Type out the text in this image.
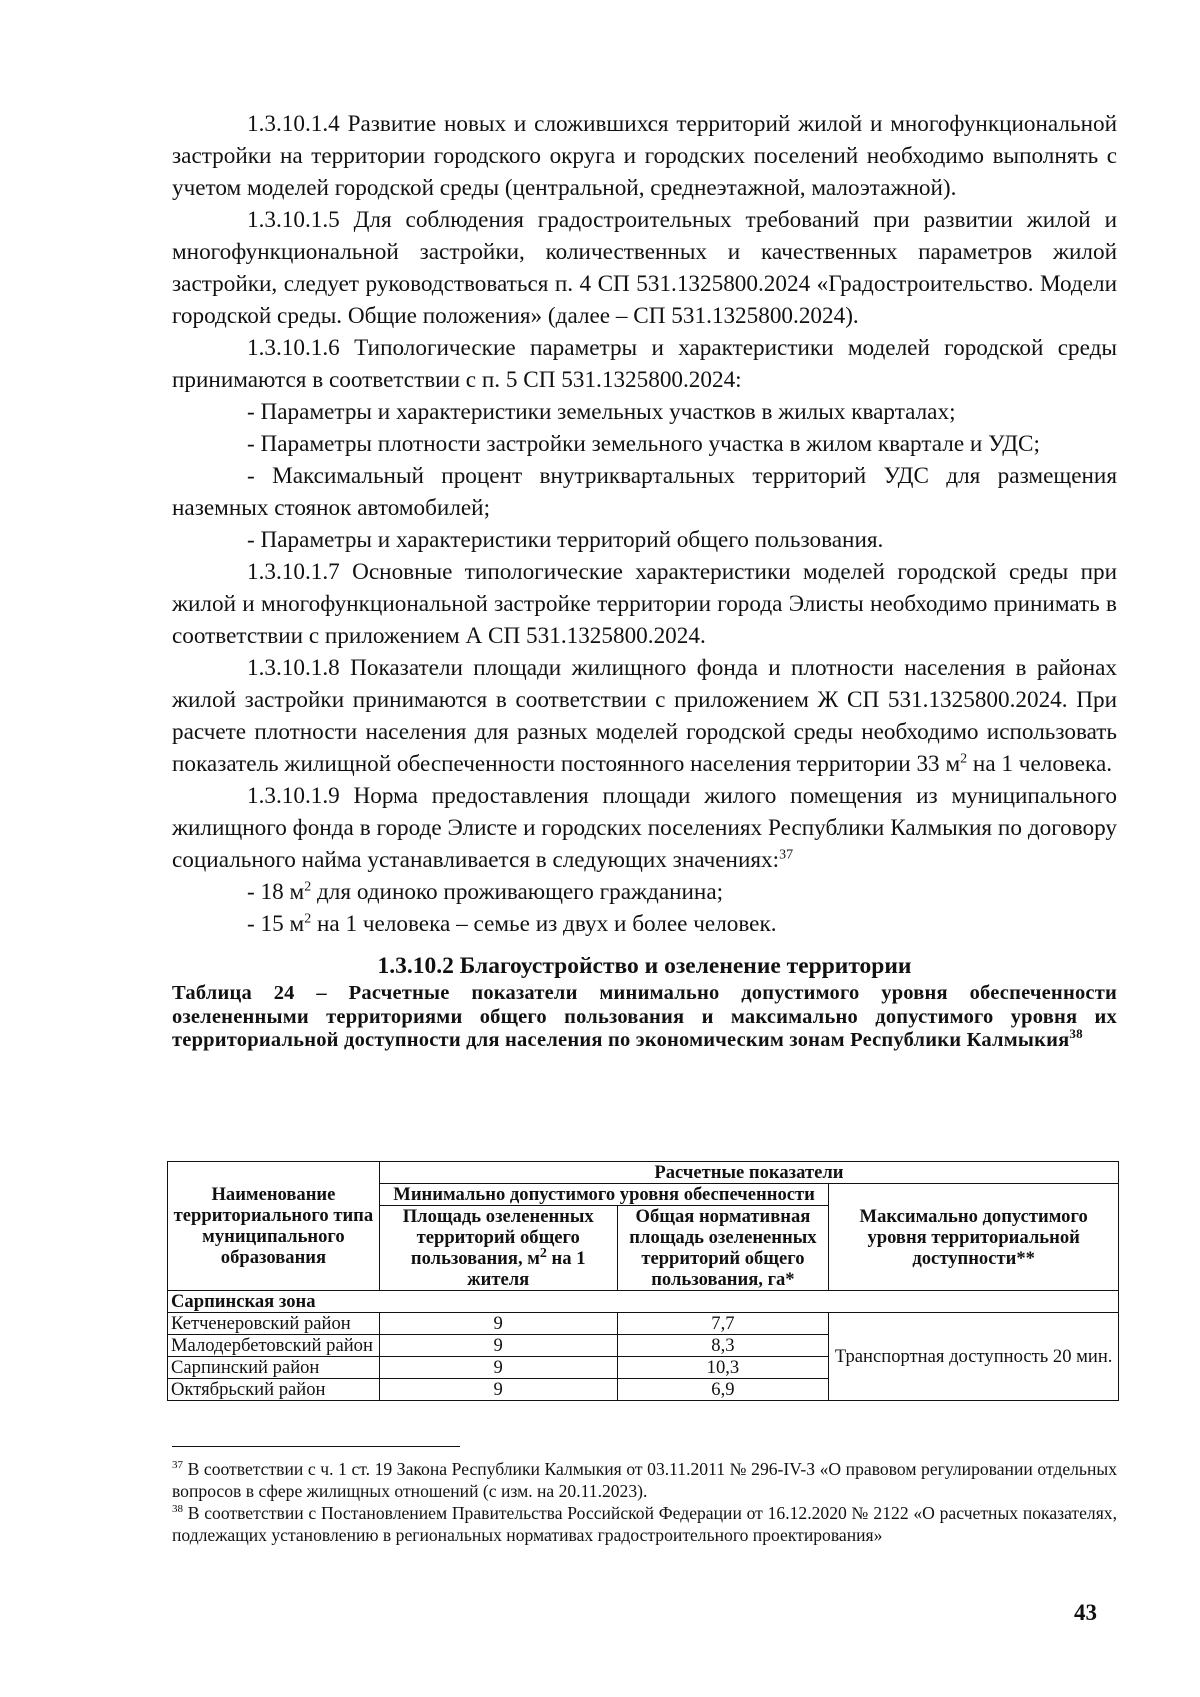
1.3.10.1.4 Развитие новых и сложившихся территорий жилой и многофункциональной застройки на территории городского округа и городских поселений необходимо выполнять с учетом моделей городской среды (центральной, среднеэтажной, малоэтажной).

1.3.10.1.5 Для соблюдения градостроительных требований при развитии жилой и многофункциональной застройки, количественных и качественных параметров жилой застройки, следует руководствоваться п. 4 СП 531.1325800.2024 «Градостроительство. Модели городской среды. Общие положения» (далее – СП 531.1325800.2024).

1.3.10.1.6 Типологические параметры и характеристики моделей городской среды принимаются в соответствии с п. 5 СП 531.1325800.2024:

- Параметры и характеристики земельных участков в жилых кварталах;

- Параметры плотности застройки земельного участка в жилом квартале и УДС;

- Максимальный процент внутриквартальных территорий УДС для размещения наземных стоянок автомобилей;

- Параметры и характеристики территорий общего пользования.

1.3.10.1.7 Основные типологические характеристики моделей городской среды при жилой и многофункциональной застройке территории города Элисты необходимо принимать в соответствии с приложением А СП 531.1325800.2024.

1.3.10.1.8 Показатели площади жилищного фонда и плотности населения в районах жилой застройки принимаются в соответствии с приложением Ж СП 531.1325800.2024. При расчете плотности населения для разных моделей городской среды необходимо использовать показатель жилищной обеспеченности постоянного населения территории 33 $м^2$ на 1 человека.

1.3.10.1.9 Норма предоставления площади жилого помещения из муниципального жилищного фонда в городе Элисте и городских поселениях Республики Калмыкия по договору социального найма устанавливается в следующих значениях:$^{37}$

- 18 $м^2$ для одиноко проживающего гражданина;

- 15 $м^2$ на 1 человека – семье из двух и более человек.

1.3.10.2 Благоустройство и озеленение территории

Таблица 24 – Расчетные показатели минимально допустимого уровня обеспеченности озелененными территориями общего пользования и максимально допустимого уровня их территориальной доступности для населения по экономическим зонам Республики Калмыкия$^{38}$

Наименование территориального типа муниципального образования	Расчетные показатели		
	Минимально допустимого уровня обеспеченности		Максимально допустимого уровня территориальной доступности**
	Площадь озелененных территорий общего пользования, $м^2$ на 1 жителя	Общая нормативная площадь озелененных территорий общего пользования, га*	
Сарпинская зона			
Кетченеровский район	9	7,7	Транспортная доступность 20 мин.
Малодербетовский район	9	8,3	
Сарпинский район	9	10,3	
Октябрьский район	9	6,9	

$^{37}$ В соответствии с ч. 1 ст. 19 Закона Республики Калмыкия от 03.11.2011 № 296-IV-З «О правовом регулировании отдельных вопросов в сфере жилищных отношений (с изм. на 20.11.2023).

$^{38}$ В соответствии с Постановлением Правительства Российской Федерации от 16.12.2020 № 2122 «О расчетных показателях, подлежащих установлению в региональных нормативах градостроительного проектирования»

43
